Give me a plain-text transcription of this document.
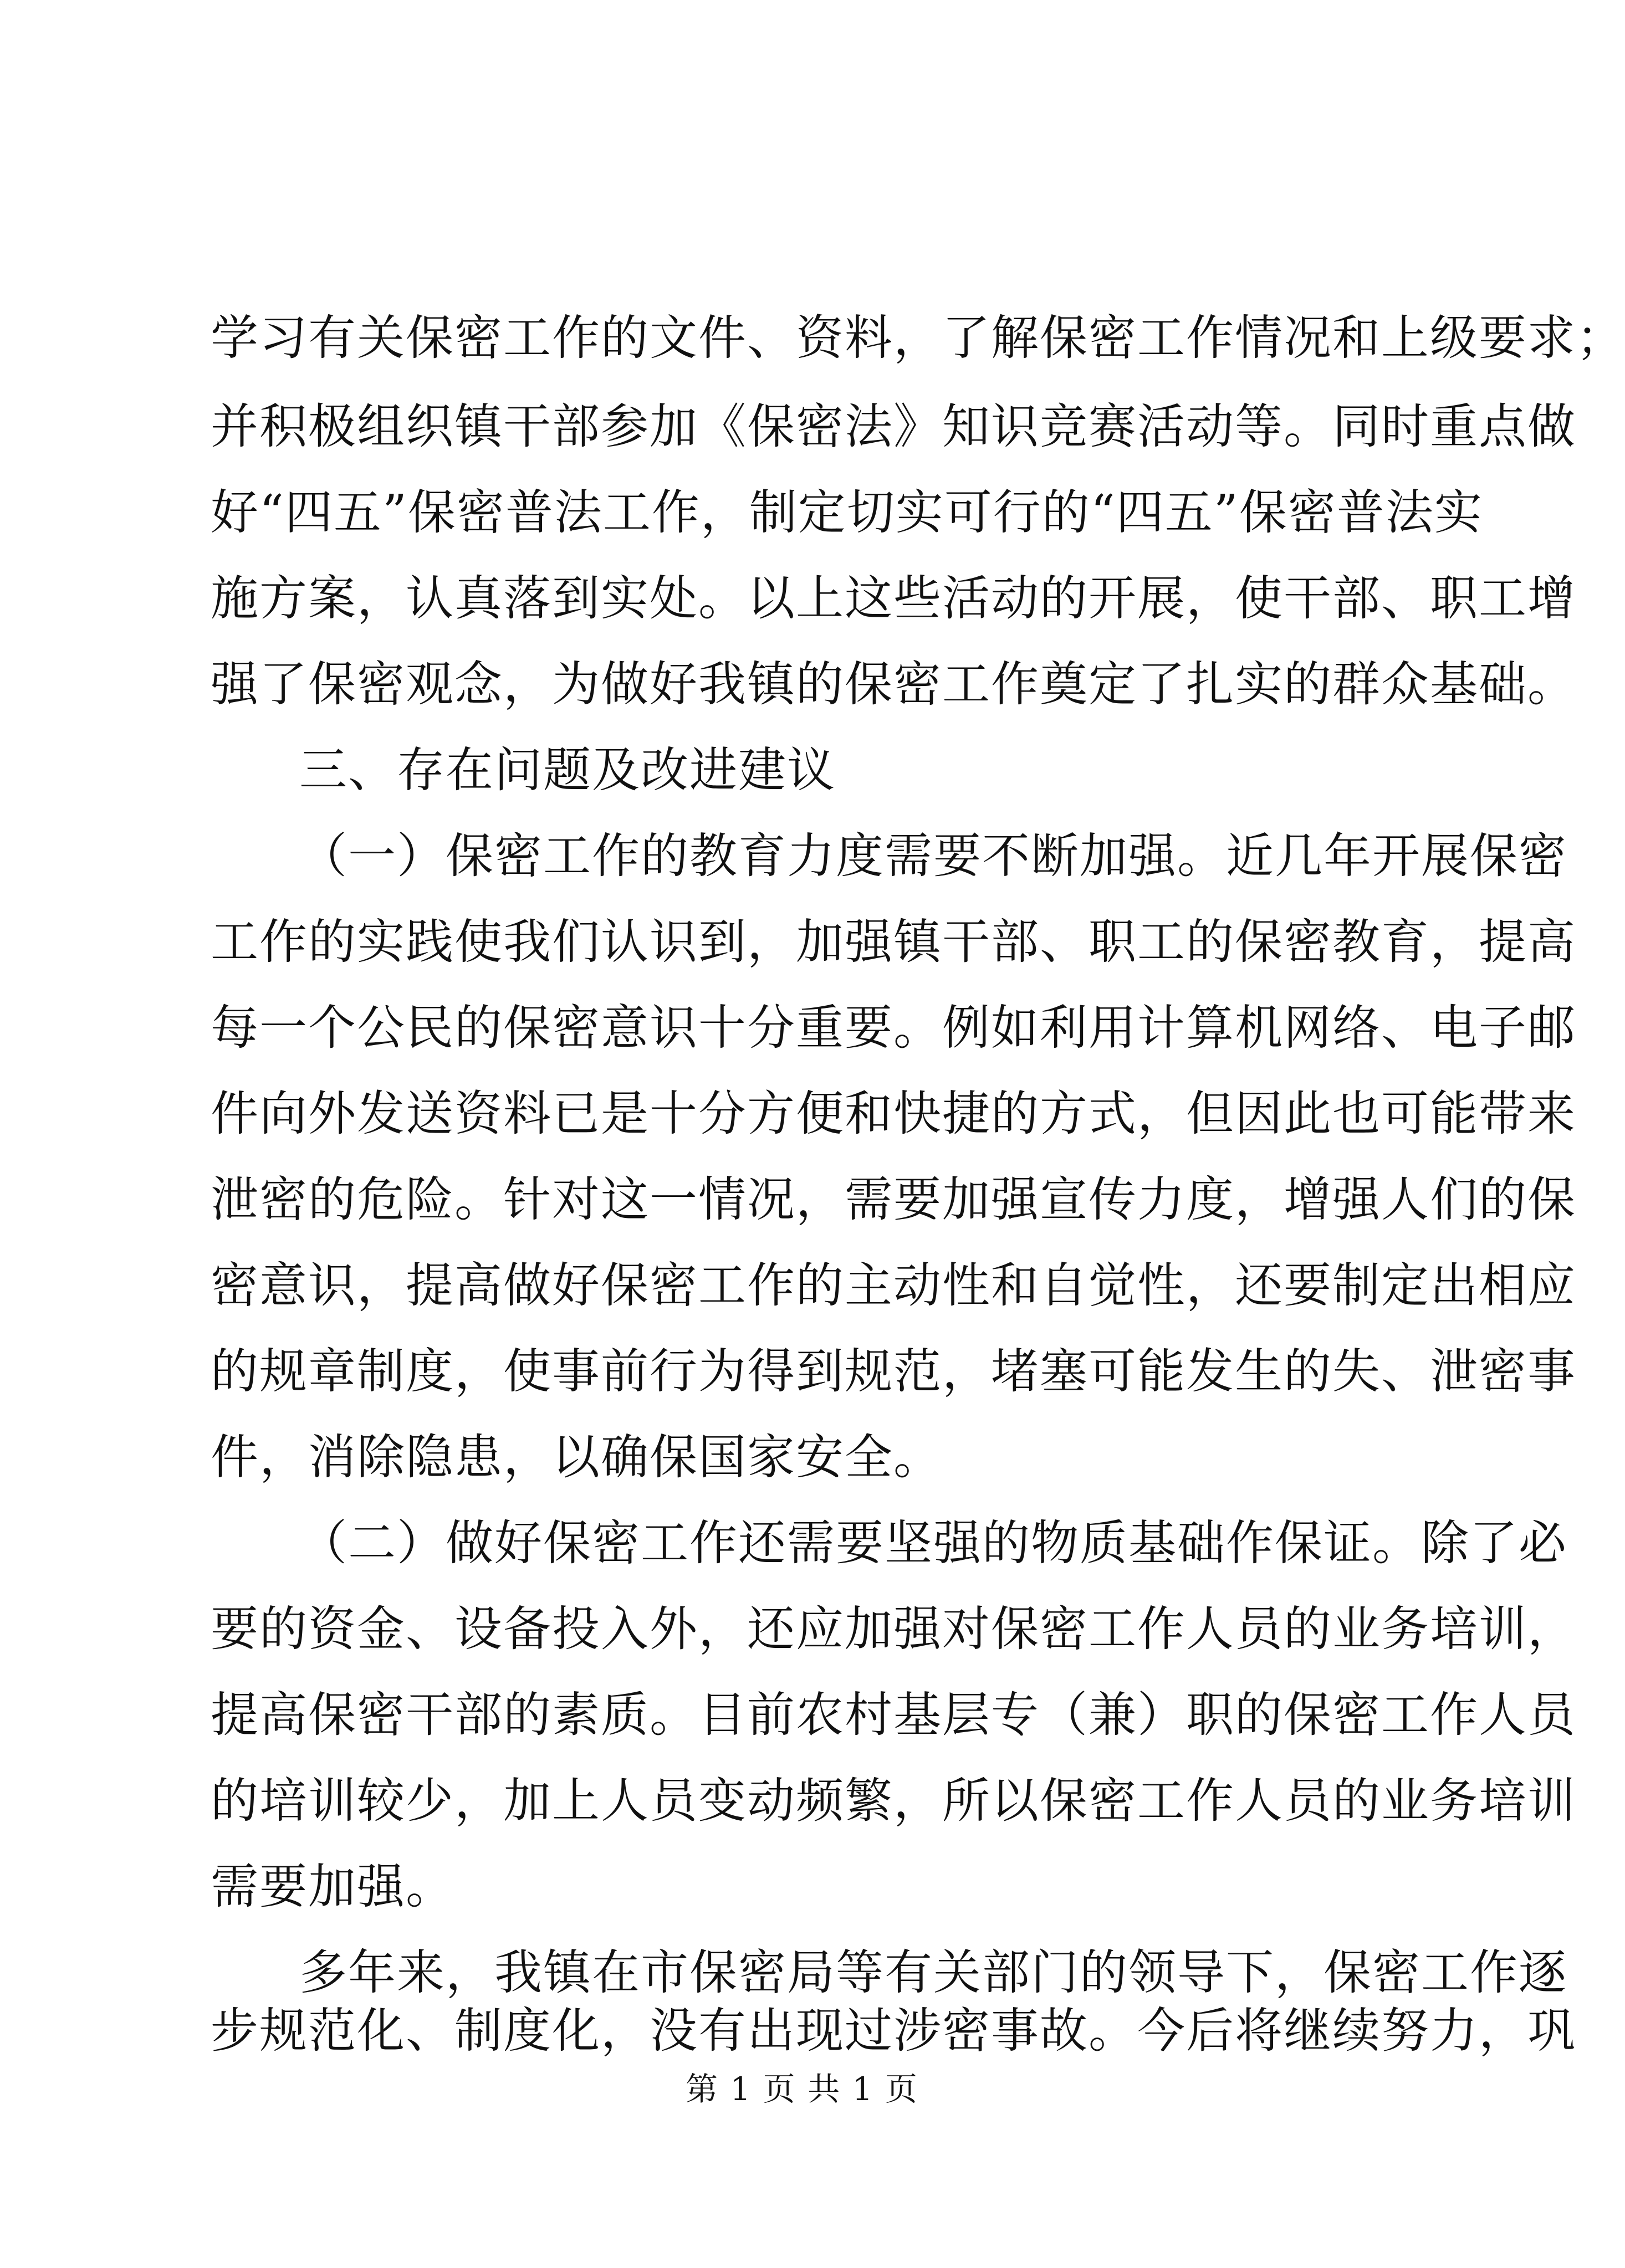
学习有关保密工作的文件、资料，了解保密工作情况和上级要求；
并积极组织镇干部参加《保密法》知识竞赛活动等。同时重点做
好“四五”保密普法工作，制定切实可行的“四五”保密普法实
施方案，认真落到实处。以上这些活动的开展，使干部、职工增
强了保密观念，为做好我镇的保密工作奠定了扎实的群众基础。
三、存在问题及改进建议
（一）保密工作的教育力度需要不断加强。近几年开展保密
工作的实践使我们认识到，加强镇干部、职工的保密教育，提高
每一个公民的保密意识十分重要。例如利用计算机网络、电子邮
件向外发送资料已是十分方便和快捷的方式，但因此也可能带来
泄密的危险。针对这一情况，需要加强宣传力度，增强人们的保
密意识，提高做好保密工作的主动性和自觉性，还要制定出相应
的规章制度，使事前行为得到规范，堵塞可能发生的失、泄密事
件，消除隐患，以确保国家安全。
（二）做好保密工作还需要坚强的物质基础作保证。除了必
要的资金、设备投入外，还应加强对保密工作人员的业务培训，
提高保密干部的素质。目前农村基层专（兼）职的保密工作人员
的培训较少，加上人员变动频繁，所以保密工作人员的业务培训
需要加强。
多年来，我镇在市保密局等有关部门的领导下，保密工作逐
步规范化、制度化，没有出现过涉密事故。今后将继续努力，巩
第 1 页 共 1 页
